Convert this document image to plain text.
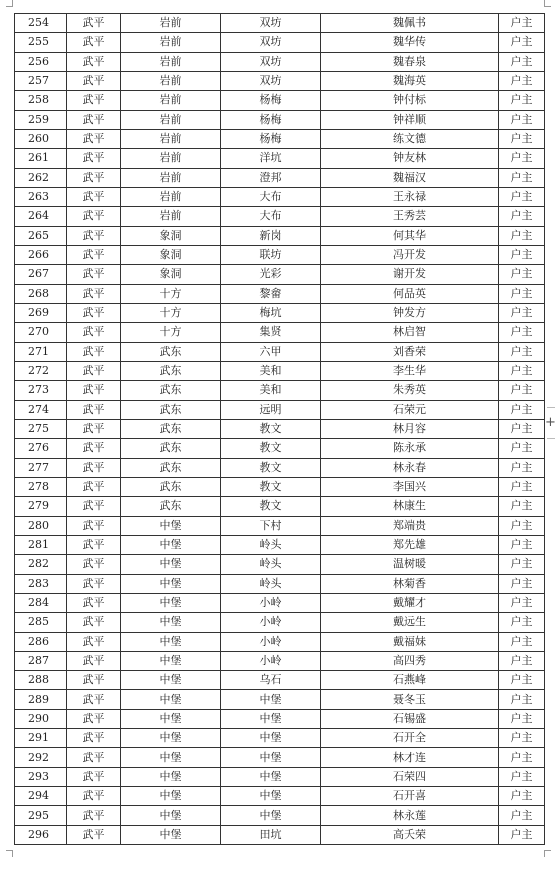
+
254	武平	岩前	双坊	魏佩书	户主
255	武平	岩前	双坊	魏华传	户主
256	武平	岩前	双坊	魏春泉	户主
257	武平	岩前	双坊	魏海英	户主
258	武平	岩前	杨梅	钟付标	户主
259	武平	岩前	杨梅	钟祥顺	户主
260	武平	岩前	杨梅	练文德	户主
261	武平	岩前	洋坑	钟友林	户主
262	武平	岩前	澄邦	魏福汉	户主
263	武平	岩前	大布	王永禄	户主
264	武平	岩前	大布	王秀芸	户主
265	武平	象洞	新岗	何其华	户主
266	武平	象洞	联坊	冯开发	户主
267	武平	象洞	光彩	谢开发	户主
268	武平	十方	黎畲	何品英	户主
269	武平	十方	梅坑	钟发方	户主
270	武平	十方	集贤	林启智	户主
271	武平	武东	六甲	刘香荣	户主
272	武平	武东	美和	李生华	户主
273	武平	武东	美和	朱秀英	户主
274	武平	武东	远明	石荣元	户主
275	武平	武东	教文	林月容	户主
276	武平	武东	教文	陈永承	户主
277	武平	武东	教文	林永春	户主
278	武平	武东	教文	李国兴	户主
279	武平	武东	教文	林康生	户主
280	武平	中堡	下村	郑端贵	户主
281	武平	中堡	岭头	郑先雄	户主
282	武平	中堡	岭头	温树暖	户主
283	武平	中堡	岭头	林菊香	户主
284	武平	中堡	小岭	戴耀才	户主
285	武平	中堡	小岭	戴远生	户主
286	武平	中堡	小岭	戴福妹	户主
287	武平	中堡	小岭	高四秀	户主
288	武平	中堡	乌石	石燕峰	户主
289	武平	中堡	中堡	聂冬玉	户主
290	武平	中堡	中堡	石锡盛	户主
291	武平	中堡	中堡	石开全	户主
292	武平	中堡	中堡	林才连	户主
293	武平	中堡	中堡	石荣四	户主
294	武平	中堡	中堡	石开喜	户主
295	武平	中堡	中堡	林永莲	户主
296	武平	中堡	田坑	高夭荣	户主
